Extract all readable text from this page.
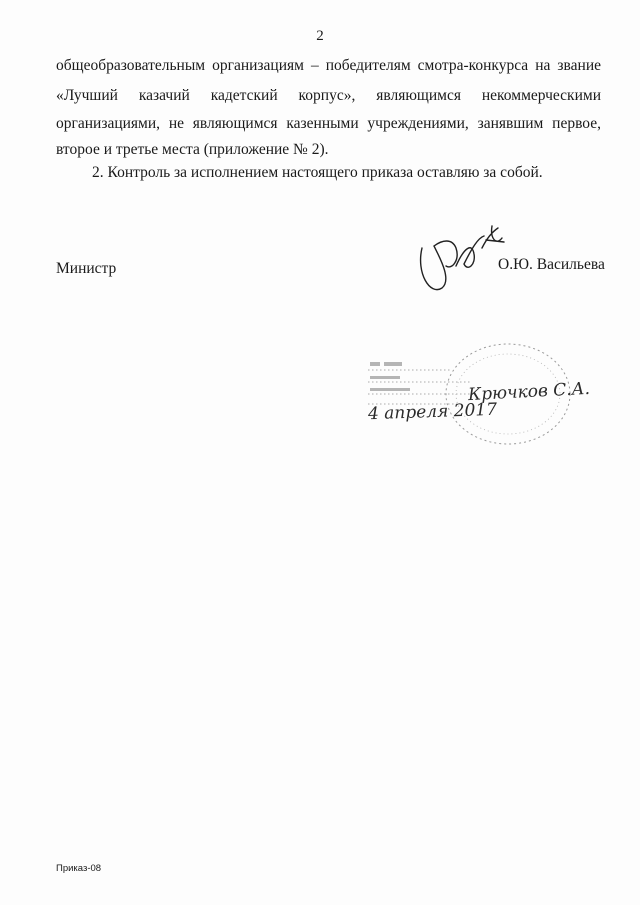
2
общеобразовательным организациям – победителям смотра-конкурса на звание
«Лучший казачий кадетский корпус», являющимся некоммерческими
организациями, не являющимся казенными учреждениями, занявшим первое,
второе и третье места (приложение № 2).
2. Контроль за исполнением настоящего приказа оставляю за собой.
Министр	О.Ю. Васильева
Крючков С.А.
4 апреля 2017
Приказ-08
